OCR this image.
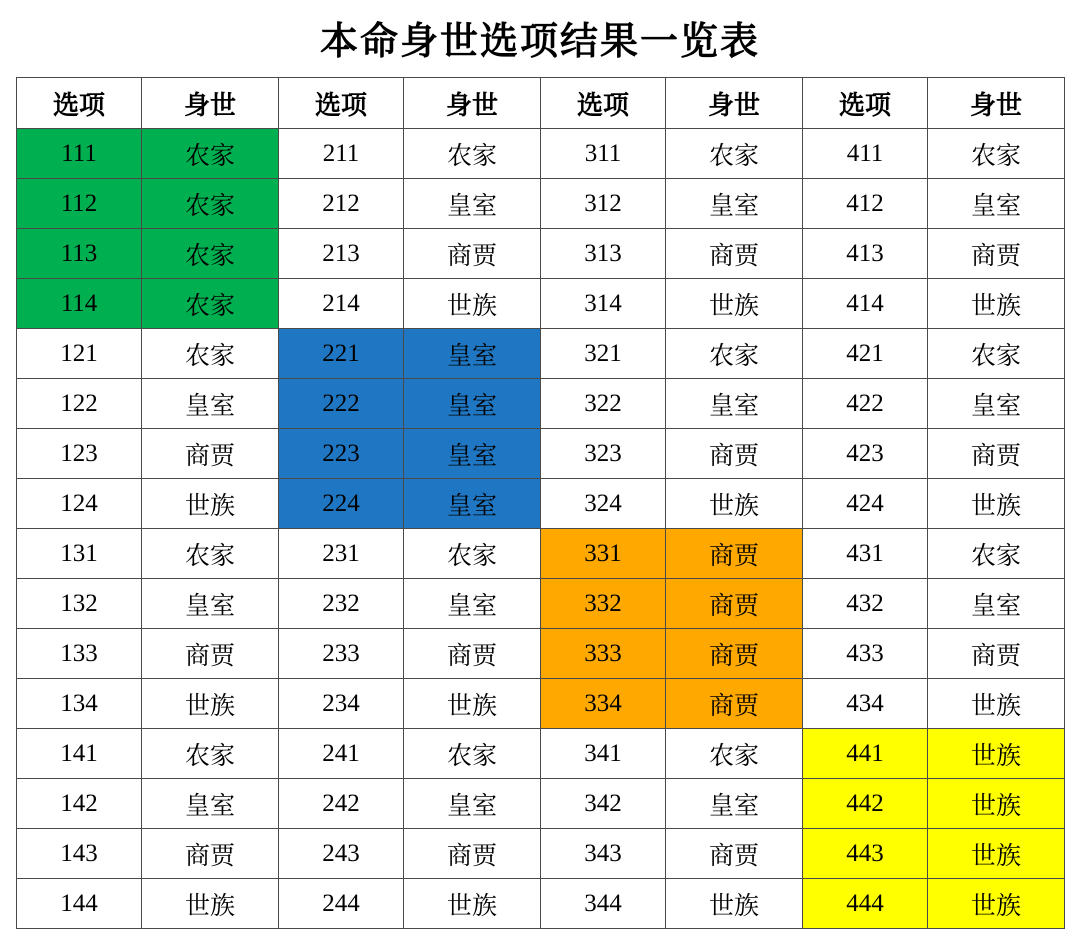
本命身世选项结果一览表
选项	身世	选项	身世	选项	身世	选项	身世
111	农家	211	农家	311	农家	411	农家
112	农家	212	皇室	312	皇室	412	皇室
113	农家	213	商贾	313	商贾	413	商贾
114	农家	214	世族	314	世族	414	世族
121	农家	221	皇室	321	农家	421	农家
122	皇室	222	皇室	322	皇室	422	皇室
123	商贾	223	皇室	323	商贾	423	商贾
124	世族	224	皇室	324	世族	424	世族
131	农家	231	农家	331	商贾	431	农家
132	皇室	232	皇室	332	商贾	432	皇室
133	商贾	233	商贾	333	商贾	433	商贾
134	世族	234	世族	334	商贾	434	世族
141	农家	241	农家	341	农家	441	世族
142	皇室	242	皇室	342	皇室	442	世族
143	商贾	243	商贾	343	商贾	443	世族
144	世族	244	世族	344	世族	444	世族
